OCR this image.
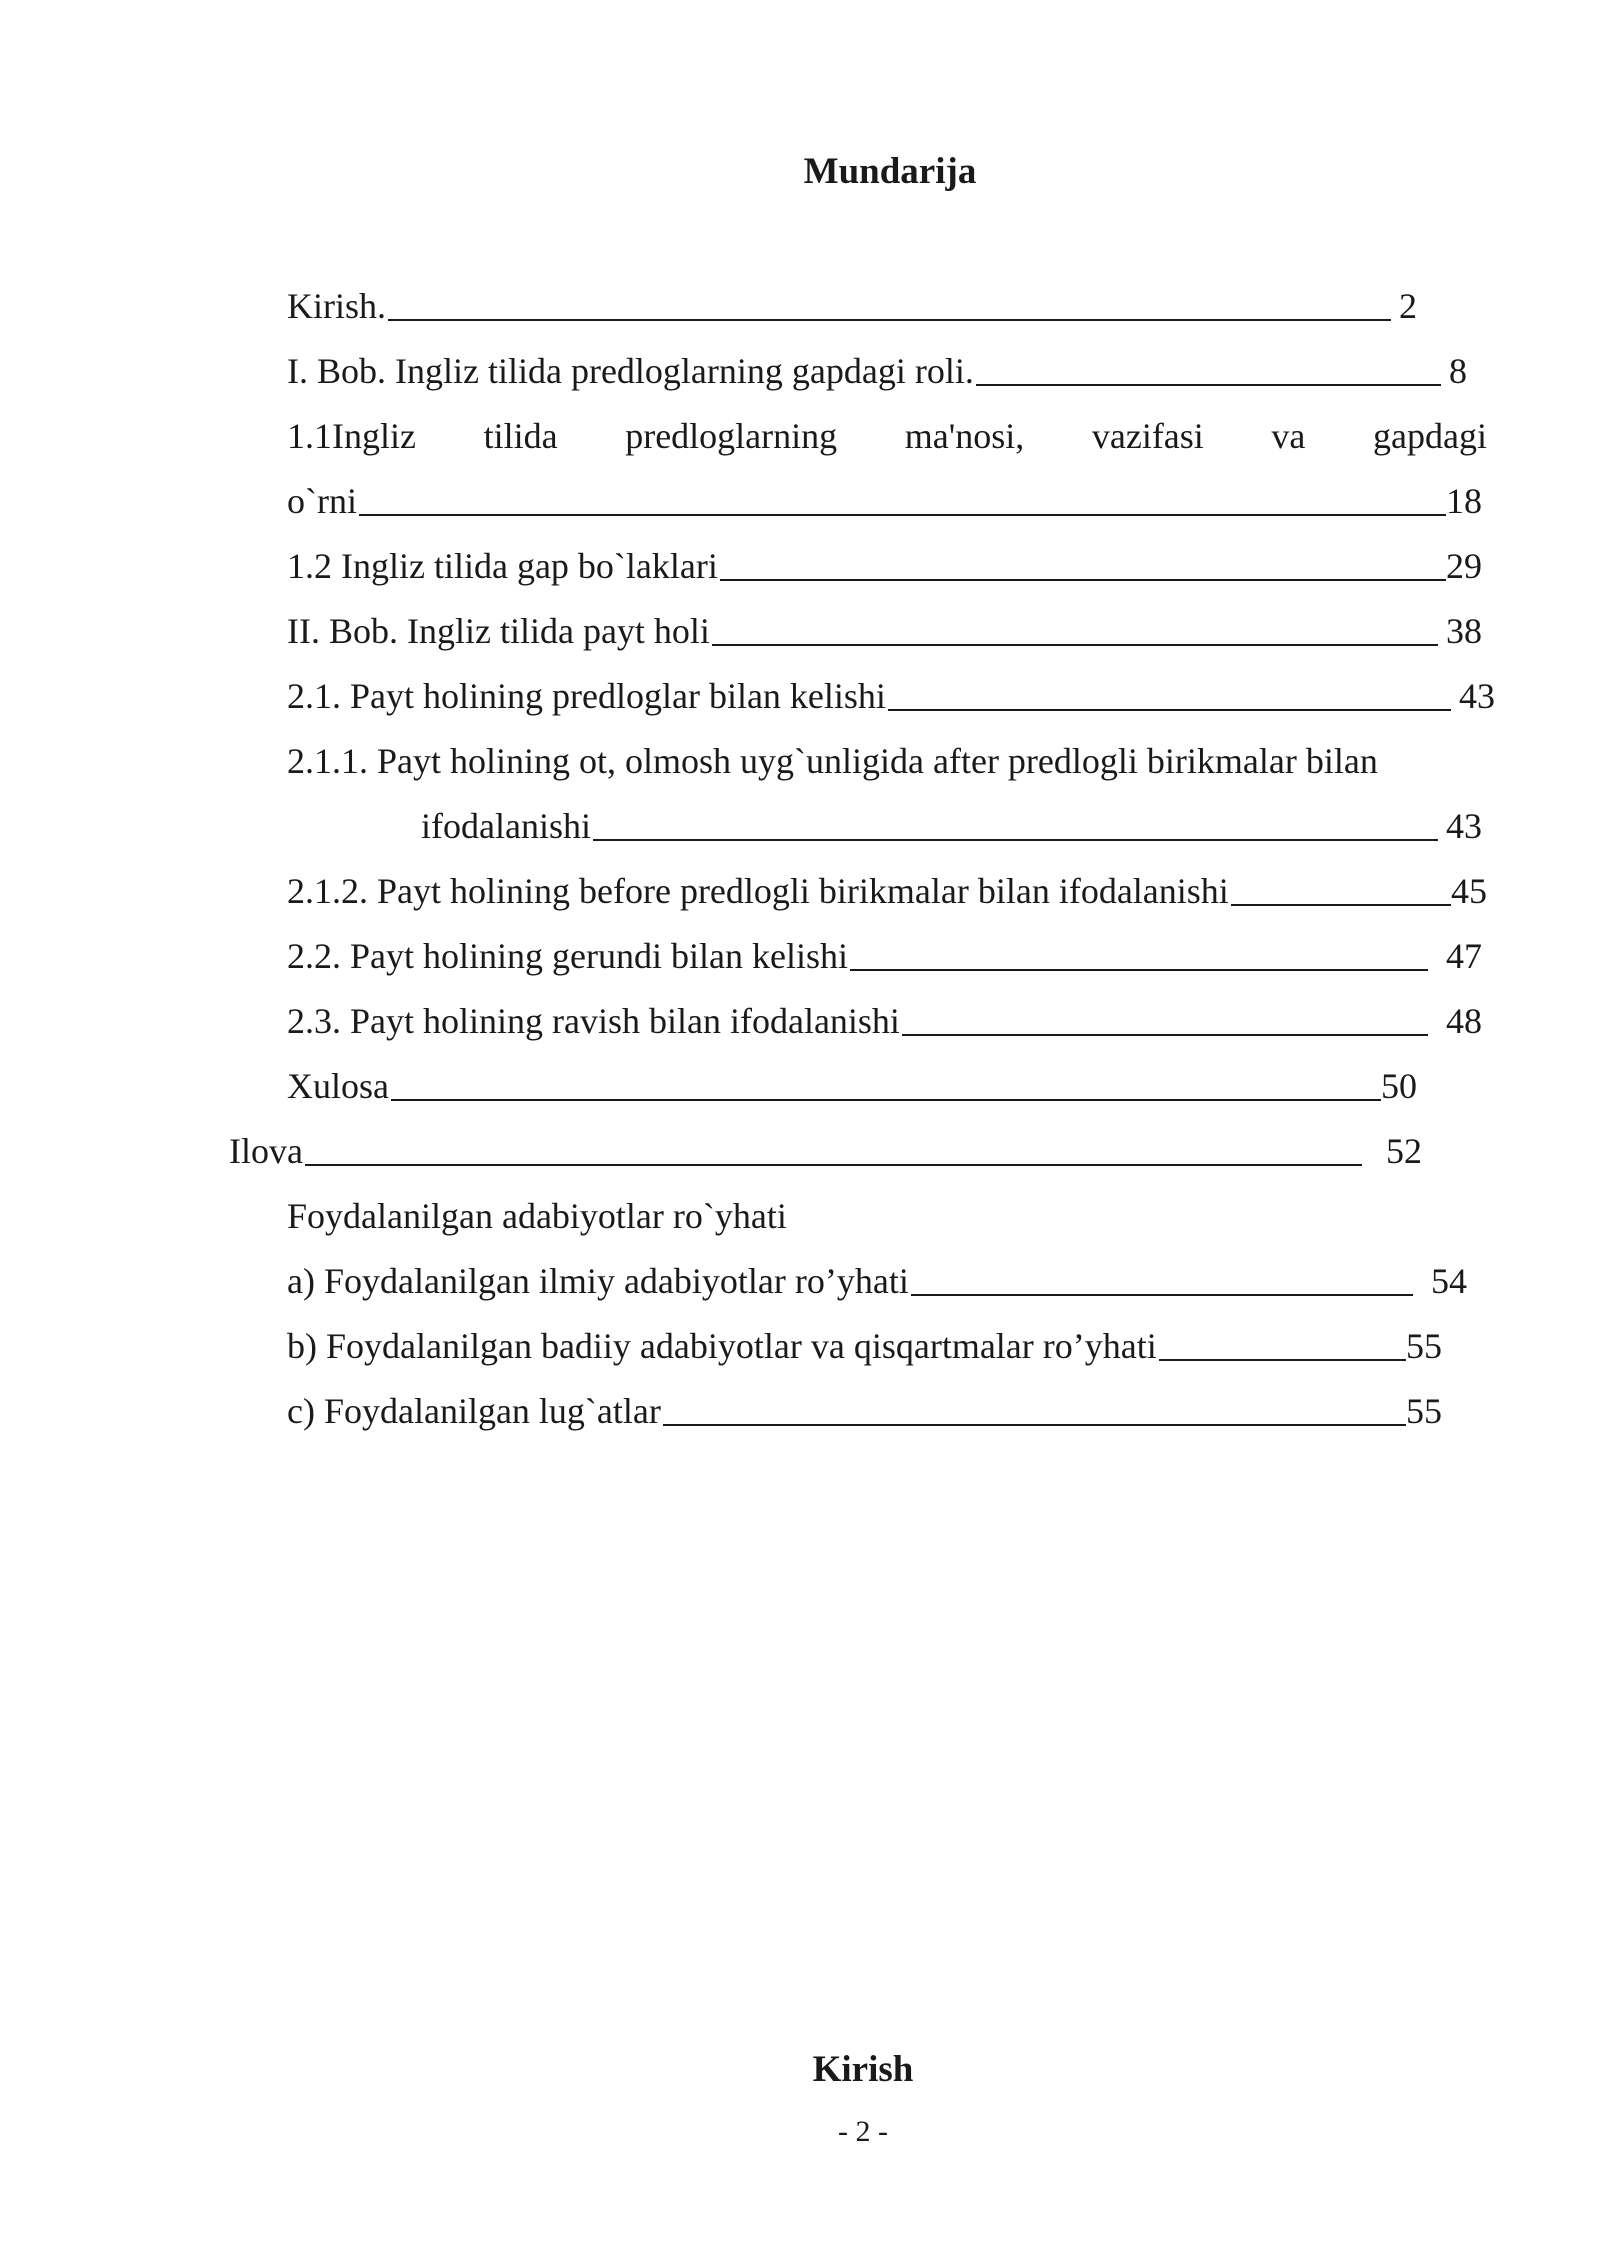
Mundarija
Kirish.	2
I. Bob. Ingliz tilida predloglarning gapdagi roli.	8
1.1Ingliz tilida predloglarning ma'nosi, vazifasi va gapdagi
o`rni	18
1.2 Ingliz tilida gap bo`laklari	29
II. Bob. Ingliz tilida payt holi	38
2.1. Payt holining predloglar bilan kelishi	43
2.1.1. Payt holining ot, olmosh uyg`unligida after predlogli birikmalar bilan
ifodalanishi	43
2.1.2. Payt holining before predlogli birikmalar bilan ifodalanishi	45
2.2. Payt holining gerundi bilan kelishi	47
2.3. Payt holining ravish bilan ifodalanishi	48
Xulosa	50
Ilova	52
Foydalanilgan adabiyotlar ro`yhati
a) Foydalanilgan ilmiy adabiyotlar ro’yhati	54
b) Foydalanilgan badiiy adabiyotlar va qisqartmalar ro’yhati	55
c) Foydalanilgan lug`atlar	55
Kirish
- 2 -
